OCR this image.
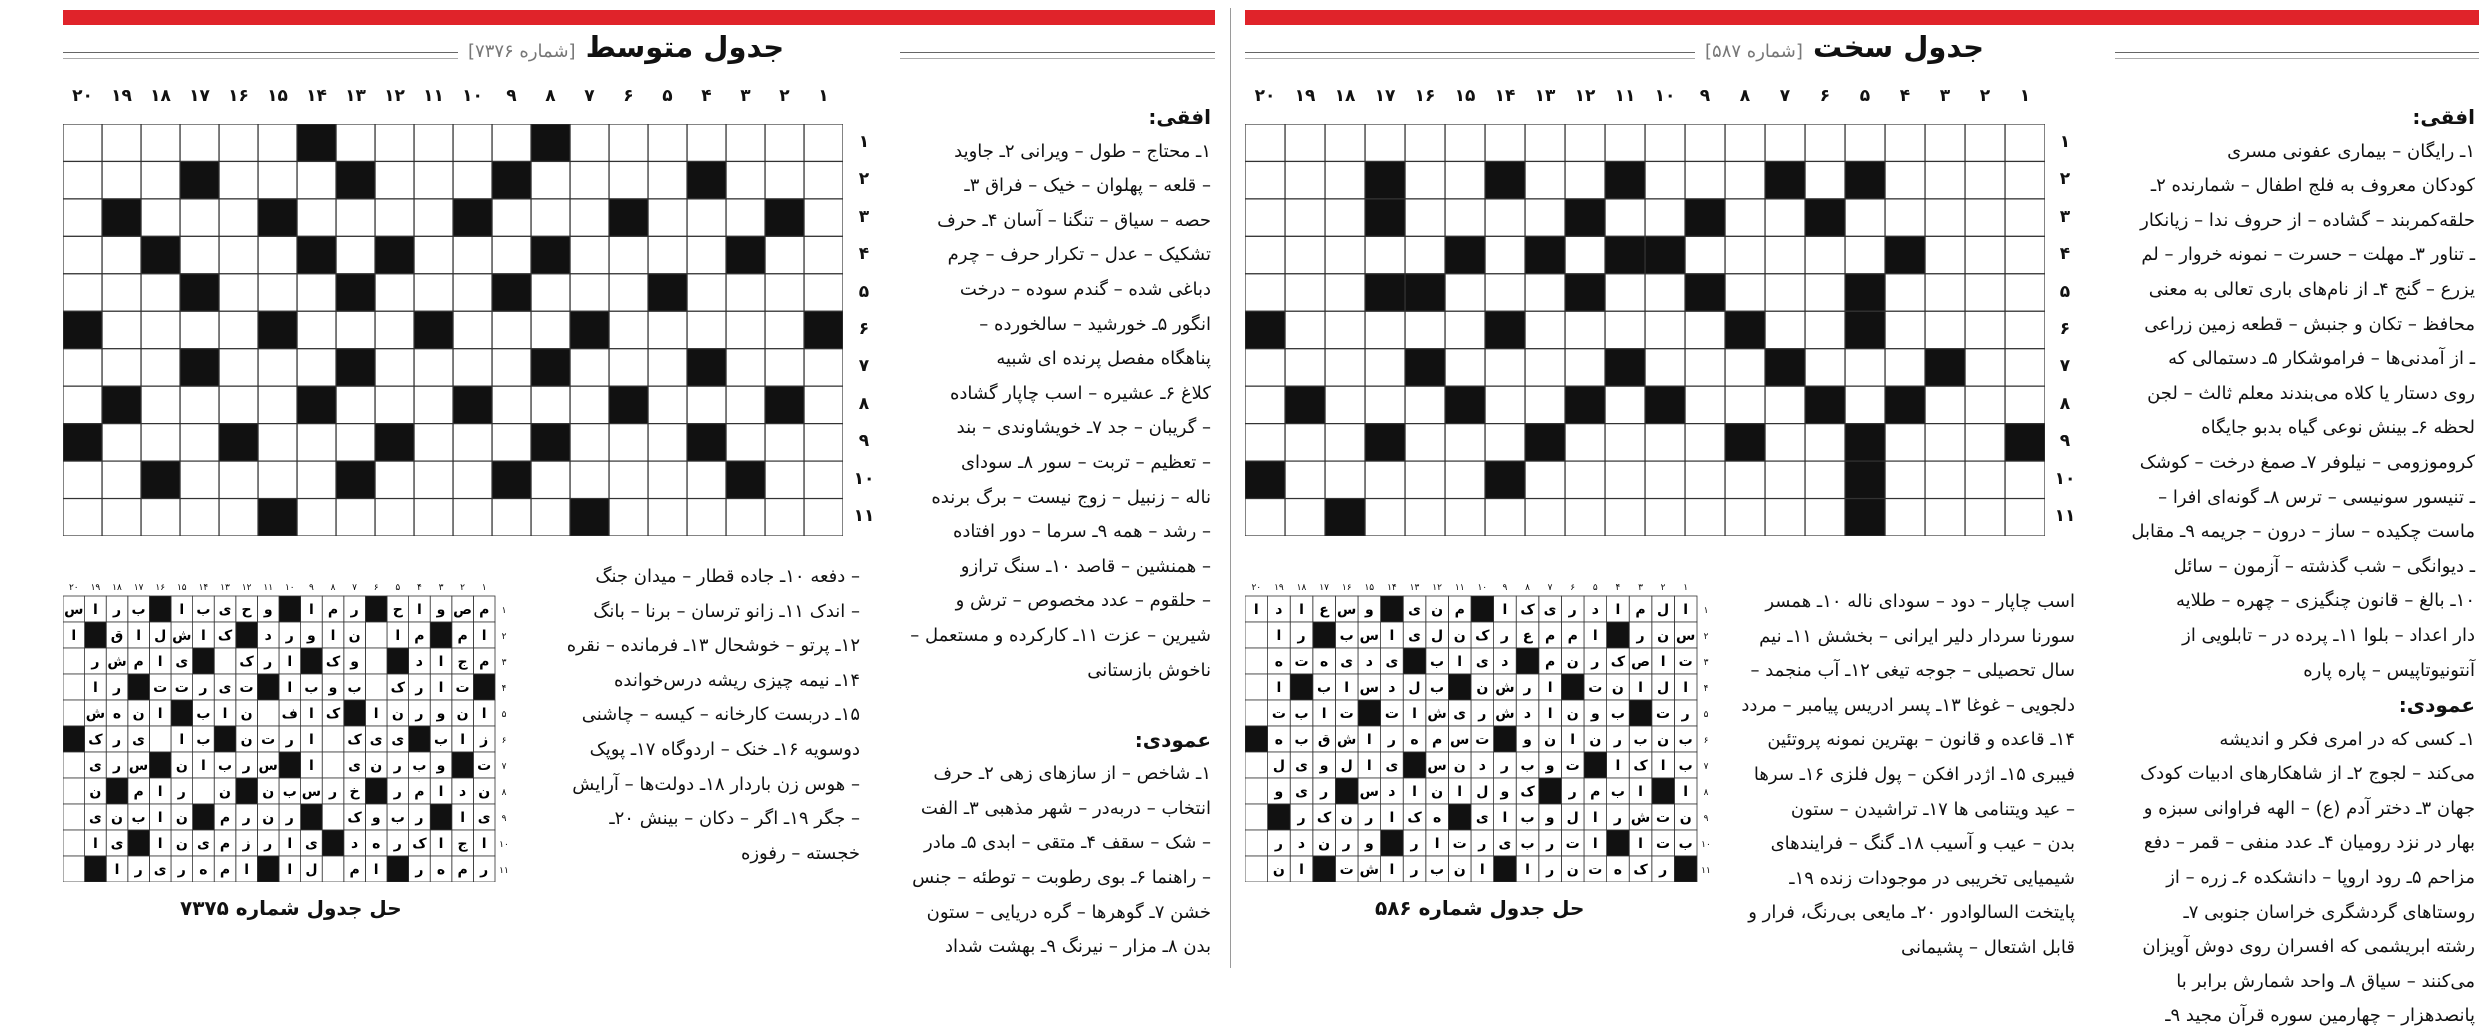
جدول سخت [شماره ۵۸۷]
۱
۲
۳
۴
۵
۶
۷
۸
۹
۱۰
۱۱
۱۲
۱۳
۱۴
۱۵
۱۶
۱۷
۱۸
۱۹
۲۰
۱
۲
۳
۴
۵
۶
۷
۸
۹
۱۰
۱۱

افقی:

۱ـ رایگان – بیماری عفونی مسری

کودکان معروف به فلج اطفال – شمارنده ۲ـ

حلقه‌کمربند – گشاده – از حروف ندا – زیانکار

ـ تناور ۳ـ مهلت – حسرت – نمونه خروار – لم

یزرع – گنج ۴ـ از نام‌های باری تعالی به معنی

محافظ – تکان و جنبش – قطعه زمین زراعی

ـ از آمدنی‌ها – فراموشکار ۵ـ دستمالی که

روی دستار یا کلاه می‌بندند معلم ثالث – لجن

لحظه ۶ـ بینش نوعی گیاه بدبو جایگاه

کروموزومی – نیلوفر ۷ـ صمغ درخت – کوشک

ـ تنیسور سونیسی – ترس ۸ـ گونه‌ای افرا –

ماست چکیده – ساز – درون – جریمه ۹ـ مقابل

ـ دیوانگی – شب گذشته – آزمون – سائل

۱۰ـ بالغ – قانون چنگیزی – چهره – طلایه

دار اعداد – بلوا ۱۱ـ پرده در – تابلویی از

آنتونیوتاپیس – پاره پاره

عمودی:

۱ـ کسی که در امری فکر و اندیشه

می‌کند – لجوج ۲ـ از شاهکارهای ادبیات کودک

جهان ۳ـ دختر آدم (ع) – الهه فراوانی سبزه و

بهار در نزد رومیان ۴ـ عدد منفی – قمر – دفع

مزاحم ۵ـ رود اروپا – دانشکده ۶ـ زره – از

روستاهای گردشگری خراسان جنوبی ۷ـ

رشته ابریشمی که افسران روی دوش آویزان

می‌کنند – سیاق ۸ـ واحد شمارش برابر با

پانصدهزار – چهارمین سوره قرآن مجید ۹ـ

اسب چاپار – دود – سودای ناله ۱۰ـ همسر

سورنا سردار دلیر ایرانی – بخشش ۱۱ـ نیم

سال تحصیلی – جوجه تیغی ۱۲ـ آب منجمد –

دلجویی – غوغا ۱۳ـ پسر ادریس پیامبر – مردد

۱۴ـ قاعده و قانون – بهترین نمونه پروتئین

فیبری ۱۵ـ اژدر افکن – پول فلزی ۱۶ـ سرها

– عید ویتنامی ها ۱۷ـ تراشیدن – ستون

بدن – عیب و آسیب ۱۸ـ گنگ – فرایندهای

شیمیایی تخریبی در موجودات زنده ۱۹ـ

پایتخت السالوادور ۲۰ـ مایعی بی‌رنگ، فرار و

قابل اشتعال – پشیمانی

۱
۲
۳
۴
۵
۶
۷
۸
۹
۱۰
۱۱
۱۲
۱۳
۱۴
۱۵
۱۶
۱۷
۱۸
۱۹
۲۰
۱
ا
ل
م
ا
د
ر
ی
ک
ا
م
ن
ی
و
س
ع
ا
د
ا
۲
س
ن
ر
ا
م
م
ع
ر
ک
ن
ل
ی
ا
س
ب
ر
ا
۳
ت
ا
ص
ک
ر
ن
م
د
ی
ا
ب
ی
د
ی
ه
ت
ه
۴
ا
ل
ا
ن
ت
ا
ر
ش
ن
ب
ل
د
س
ا
ب
ا
۵
ر
ت
ب
و
ن
ا
د
ش
ر
ی
ش
ا
ت
ت
ا
ب
ت
۶
ب
ن
ب
ر
ن
ا
ن
و
ت
س
م
ه
ر
ا
ش
ق
ب
ه
۷
ب
ا
ک
ا
ت
و
ب
ر
د
ن
س
ی
ا
ل
و
ی
ل
۸
ا
ا
ب
م
ر
ک
و
ل
ا
ن
ا
د
س
ر
ی
و
۹
ن
ت
ش
ر
ا
ل
و
ب
ا
ی
ه
ک
ا
ر
ن
ک
ر
۱۰
ب
ت
ا
ا
ت
ر
ب
ی
ر
ت
ا
ر
و
ر
ن
د
ر
۱۱
ر
ک
ه
ت
ن
ر
ا
ا
ن
ب
ر
ا
ش
ت
ا
ن
حل جدول شماره ۵۸۶
جدول متوسط [شماره ۷۳۷۶]
۱
۲
۳
۴
۵
۶
۷
۸
۹
۱۰
۱۱
۱۲
۱۳
۱۴
۱۵
۱۶
۱۷
۱۸
۱۹
۲۰
۱
۲
۳
۴
۵
۶
۷
۸
۹
۱۰
۱۱

افقی:

۱ـ محتاج – طول – ویرانی ۲ـ جاوید

– قلعه – پهلوان – خیک – فراق ۳ـ

حصه – سیاق – تنگنا – آسان ۴ـ حرف

تشکیک – عدل – تکرار حرف – چرم

دباغی شده – گندم سوده – درخت

انگور ۵ـ خورشید – سالخورده –

پناهگاه مفصل پرنده ای شبیه

کلاغ ۶ـ عشیره – اسب چاپار گشاده

– گریبان – جد ۷ـ خویشاوندی – بند

– تعظیم – تربت – سور ۸ـ سودای

ناله – زنبیل – زوج نیست – برگ برنده

– رشد – همه ۹ـ سرما – دور افتاده

– همنشین – قاصد ۱۰ـ سنگ ترازو

– حلقوم – عدد مخصوص – ترش و

شیرین – عزت ۱۱ـ کارکرده و مستعمل –

ناخوش بازستانی

عمودی:

۱ـ شاخص – از سازهای زهی ۲ـ حرف

انتخاب – دربه‌در – شهر مذهبی ۳ـ الفت

– شک – سقف ۴ـ متقی – ابدی ۵ـ مادر

– راهنما ۶ـ بوی رطوبت – توطئه – جنس

خشن ۷ـ گوهرها – گره دریایی – ستون

بدن ۸ـ مزار – نیرنگ ۹ـ بهشت شداد

– دفعه ۱۰ـ جاده قطار – میدان جنگ

– اندک ۱۱ـ زانو ترسان – برنا – بانگ

۱۲ـ پرتو – خوشحال ۱۳ـ فرمانده – نقره

۱۴ـ نیمه چیزی ریشه درس‌خوانده

۱۵ـ دربست کارخانه – کیسه – چاشنی

دوسویه ۱۶ـ خنک – اردوگاه ۱۷ـ پوپک

– هوس زن باردار ۱۸ـ دولت‌ها – آرایش

– جگر ۱۹ـ اگر – دکان – بینش ۲۰ـ

خجسته – رفوزه

۱
۲
۳
۴
۵
۶
۷
۸
۹
۱۰
۱۱
۱۲
۱۳
۱۴
۱۵
۱۶
۱۷
۱۸
۱۹
۲۰
۱
م
ص
و
ا
ح
ر
م
ا
و
ح
ی
ب
ا
ب
ر
ا
س
۲
ا
م
م
ا
ن
ا
و
ر
د
ک
ا
ش
ل
ا
ق
ا
۳
م
ج
ا
د
و
ک
ا
ر
ک
ی
ا
م
ش
ر
۴
ت
ا
ر
ک
ب
و
ب
ا
ت
ی
ر
ت
ت
ر
ا
۵
ا
ن
و
ر
ن
ا
ک
ا
ف
ن
ا
ب
ا
ن
ه
ش
۶
ز
ا
ب
ی
ی
ک
ا
ر
ت
ن
ب
ا
ی
ر
ک
۷
ت
و
ب
ر
ن
ی
ا
س
ر
ب
ا
ن
س
ر
ی
۸
ن
د
ا
م
ر
خ
ر
س
ب
ن
ن
ر
ا
م
ن
۹
ی
ا
ر
ب
و
ک
ر
ن
ر
م
ن
ا
ب
ن
ی
۱۰
ا
ج
ا
ک
ر
ه
د
ی
ا
ر
ز
م
ی
ن
ا
ی
ا
۱۱
ر
م
ه
ر
ا
م
ل
ا
ا
م
ه
ر
ی
ر
ا
حل جدول شماره ۷۳۷۵
